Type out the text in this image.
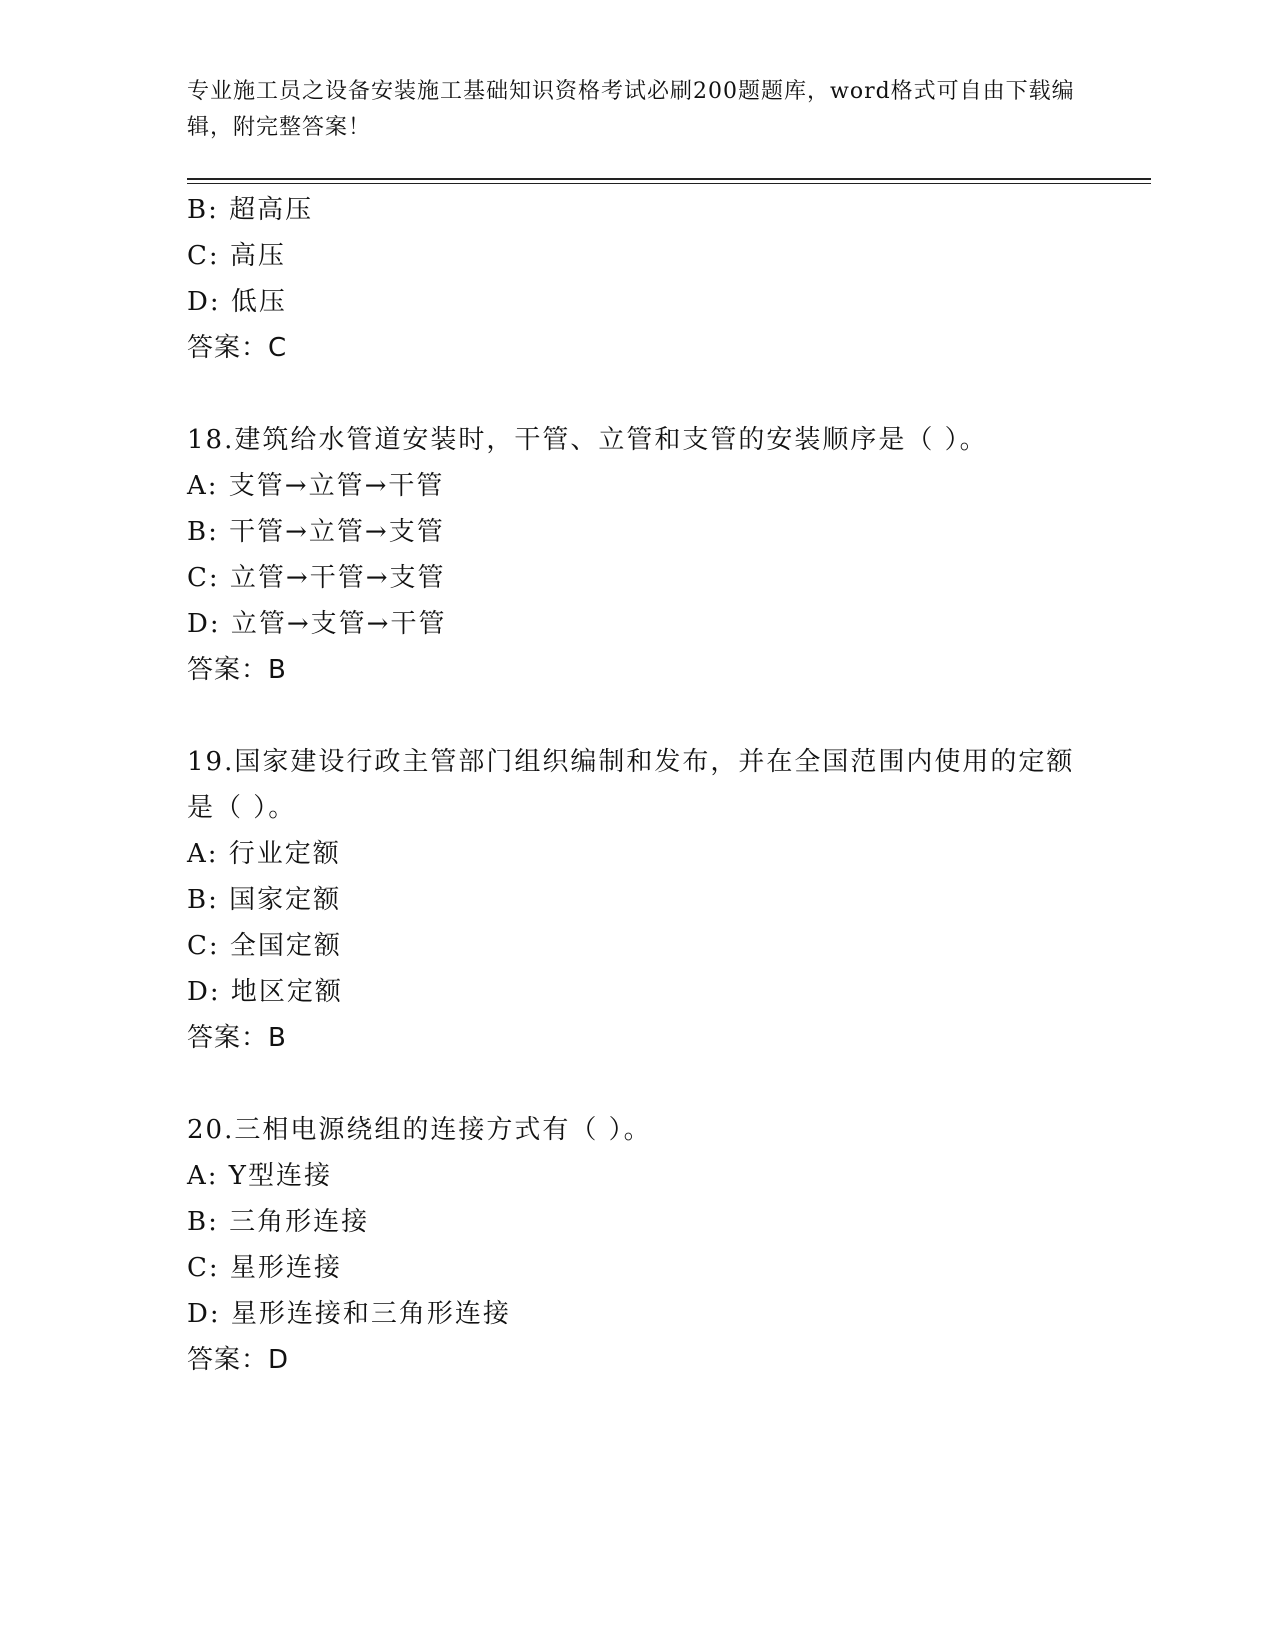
专业施工员之设备安装施工基础知识资格考试必刷200题题库，word格式可自由下载编辑，附完整答案！
B: 超高压
C: 高压
D: 低压
答案：C
18.建筑给水管道安装时，干管、立管和支管的安装顺序是（ ）。
A: 支管→立管→干管
B: 干管→立管→支管
C: 立管→干管→支管
D: 立管→支管→干管
答案：B
19.国家建设行政主管部门组织编制和发布，并在全国范围内使用的定额是（ ）。
A: 行业定额
B: 国家定额
C: 全国定额
D: 地区定额
答案：B
20.三相电源绕组的连接方式有（ ）。
A: Y型连接
B: 三角形连接
C: 星形连接
D: 星形连接和三角形连接
答案：D
